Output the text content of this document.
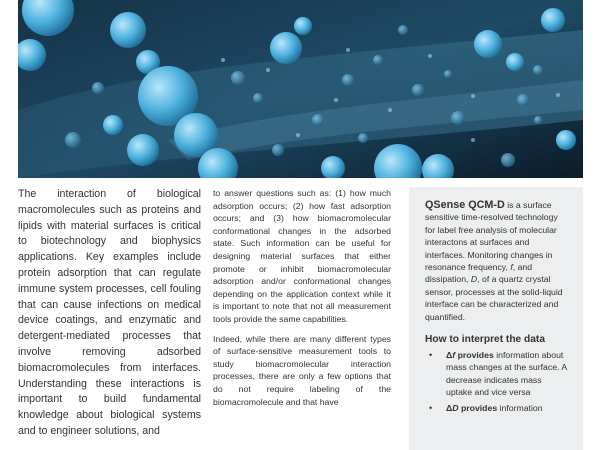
The interaction of biological macromolecules such as proteins and lipids with material surfaces is critical to biotechnology and biophysics applications. Key examples include protein adsorption that can regulate immune system processes, cell fouling that can cause infections on medical device coatings, and enzymatic and detergent-mediated processes that involve removing adsorbed biomacromolecules from interfaces. Understanding these interactions is important to build fundamental knowledge about biological systems and to engineer solutions, and

to answer questions such as: (1) how much adsorption occurs; (2) how fast adsorption occurs; and (3) how biomacromolecular conformational changes in the adsorbed state. Such information can be useful for designing material surfaces that either promote or inhibit biomacromolecular adsorption and/or conformational changes depending on the application context while it is important to note that not all measurement tools provide the same capabilities.

Indeed, while there are many different types of surface-sensitive measurement tools to study biomacromolecular interaction processes, there are only a few options that do not require labeling of the biomacromolecule and that have

QSense QCM-D is a surface sensitive time-resolved technology for label free analysis of molecular interactons at surfaces and interfaces. Monitoring changes in resonance frequency, f, and dissipation, D, of a quartz crystal sensor, processes at the solid-liquid interface can be characterized and quantified.

How to interpret the data
• Δf provides information about mass changes at the surface. A decrease indicates mass uptake and vice versa
• ΔD provides information
